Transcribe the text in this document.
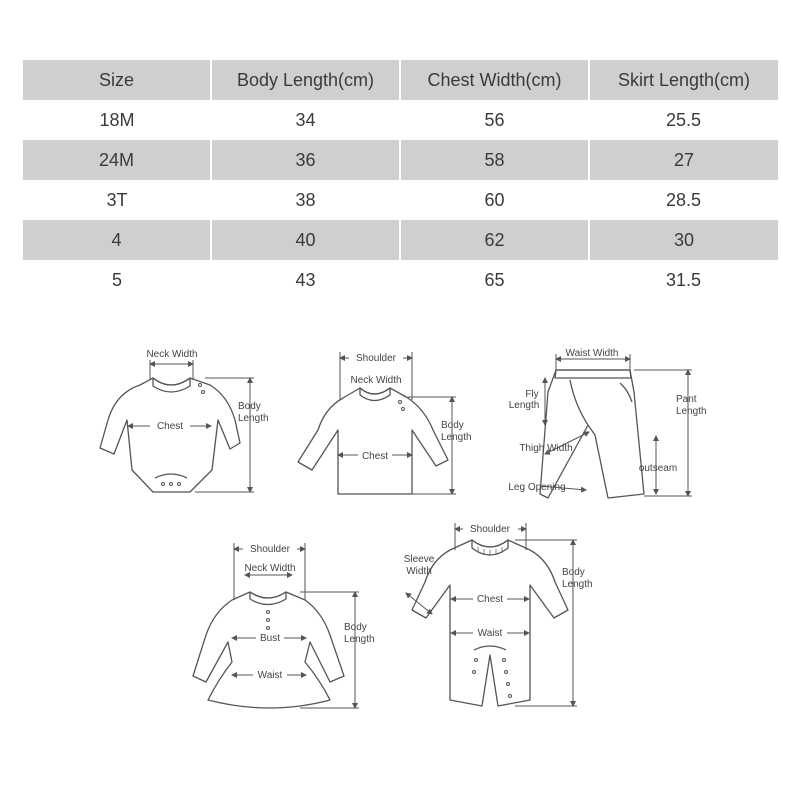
Size	Body Length(cm)	Chest Width(cm)	Skirt Length(cm)
18M	34	56	25.5
24M	36	58	27
3T	38	60	28.5
4	40	62	30
5	43	65	31.5
Neck Width
Chest
Body
Length
Shoulder
Neck Width
Chest
Body
Length
Waist Width
Fly
Length
Pant
Length
Thigh Width
outseam
Leg Opening
Shoulder
Neck Width
Bust
Waist
Body
Length
Shoulder
Sleeve
Width
Chest
Waist
Body
Length
